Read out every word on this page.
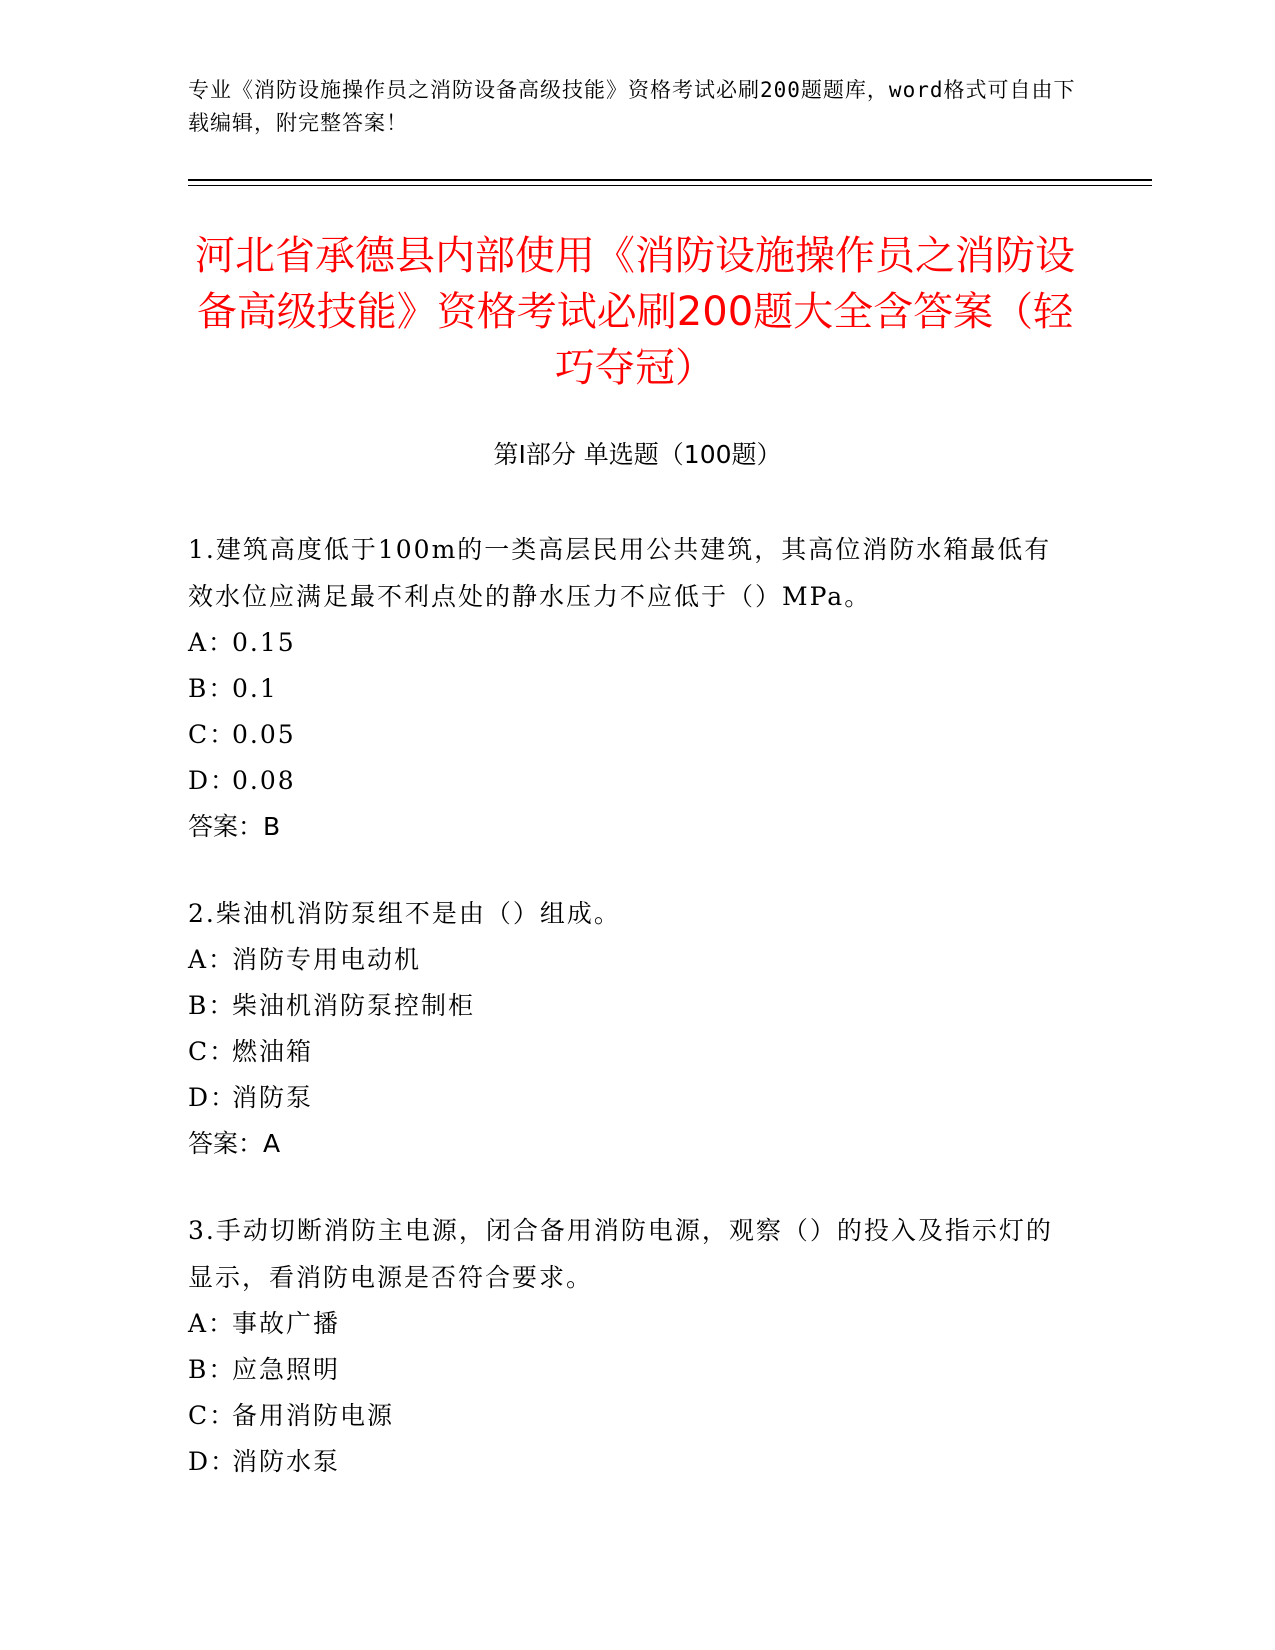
专业《消防设施操作员之消防设备高级技能》资格考试必刷200题题库，word格式可自由下载编辑，附完整答案！
河北省承德县内部使用《消防设施操作员之消防设备高级技能》资格考试必刷200题大全含答案（轻巧夺冠）
第Ⅰ部分 单选题（100题）
1.建筑高度低于100m的一类高层民用公共建筑，其高位消防水箱最低有效水位应满足最不利点处的静水压力不应低于（）MPa。
A：0.15
B：0.1
C：0.05
D：0.08
答案：B
2.柴油机消防泵组不是由（）组成。
A：消防专用电动机
B：柴油机消防泵控制柜
C：燃油箱
D：消防泵
答案：A
3.手动切断消防主电源，闭合备用消防电源，观察（）的投入及指示灯的显示，看消防电源是否符合要求。
A：事故广播
B：应急照明
C：备用消防电源
D：消防水泵
